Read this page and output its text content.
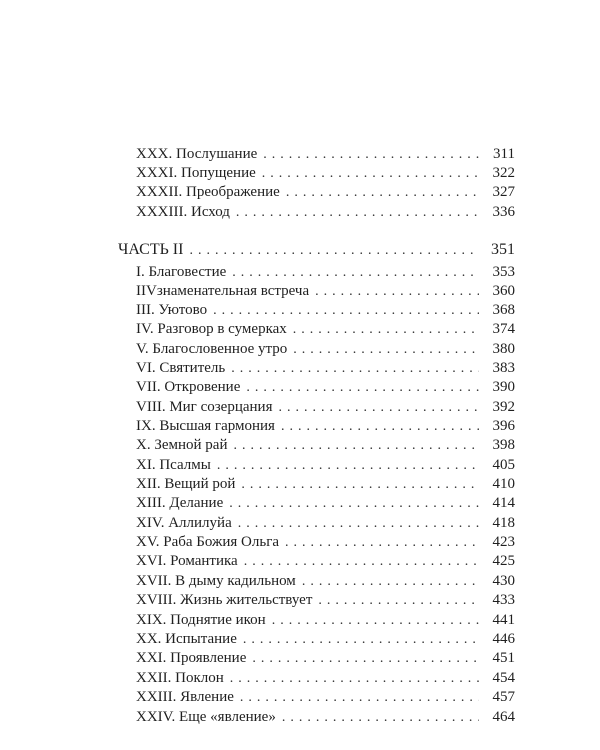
XXX. Послушание . . .	311
XXXI. Попущение . . .	322
XXXII. Преображение . . .	327
XXXIII. Исход . . .	336
ЧАСТЬ II . . .	351
I. Благовестие . . .	353
IIVзнаменательная встреча . . .	360
III. Уютово . . .	368
IV. Разговор в сумерках . . .	374
V. Благословенное утро . . .	380
VI. Святитель . . .	383
VII. Откровение . . .	390
VIII. Миг созерцания . . .	392
IX. Высшая гармония . . .	396
X. Земной рай . . .	398
XI. Псалмы . . .	405
XII. Вещий рой . . .	410
XIII. Делание . . .	414
XIV. Аллилуйа . . .	418
XV. Раба Божия Ольга . . .	423
XVI. Романтика . . .	425
XVII. В дыму кадильном . . .	430
XVIII. Жизнь жительствует . . .	433
XIX. Поднятие икон . . .	441
XX. Испытание . . .	446
XXI. Проявление . . .	451
XXII. Поклон . . .	454
XXIII. Явление . . .	457
XXIV. Еще «явление» . . .	464
